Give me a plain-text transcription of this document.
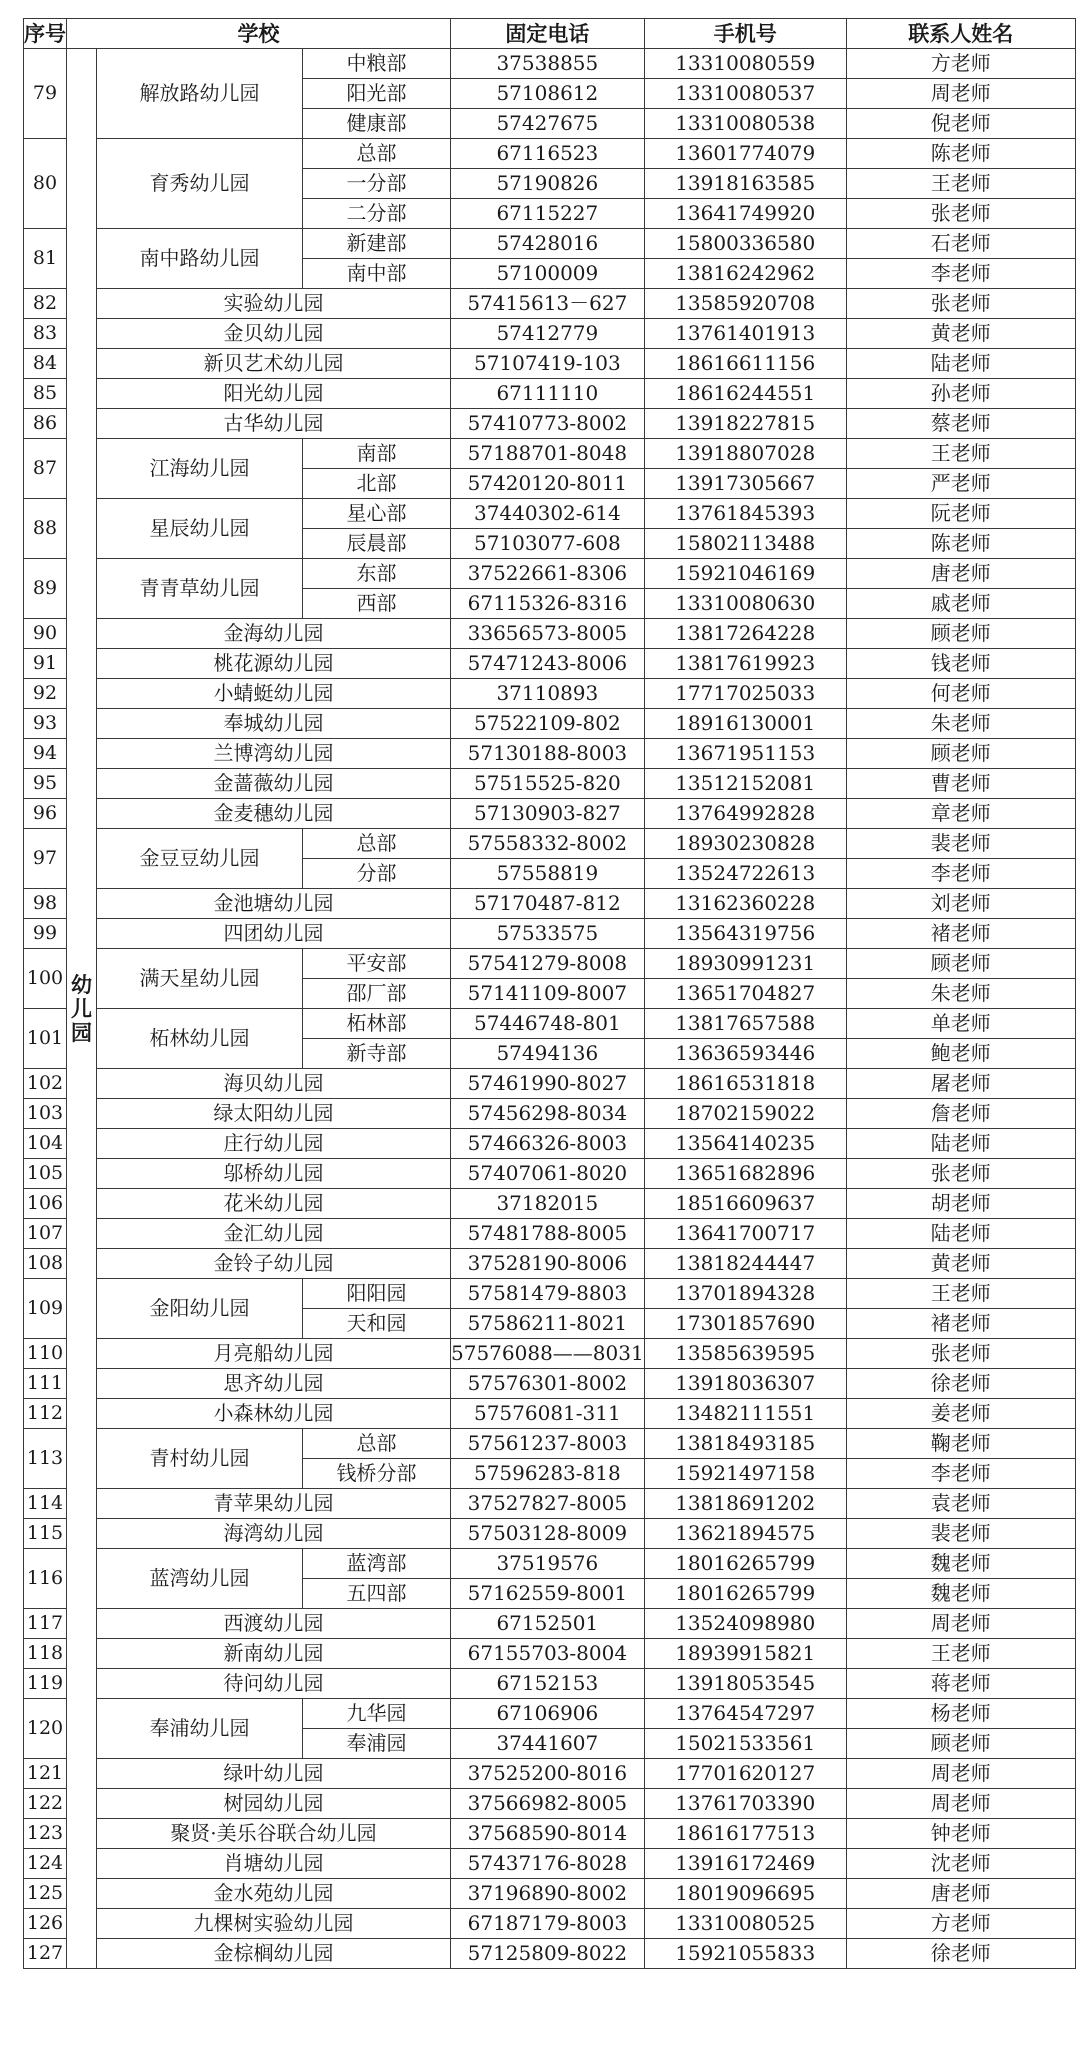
序号	学校			固定电话	手机号	联系人姓名
79	幼儿园	解放路幼儿园	中粮部	37538855	13310080559	方老师
			阳光部	57108612	13310080537	周老师
			健康部	57427675	13310080538	倪老师
80		育秀幼儿园	总部	67116523	13601774079	陈老师
			一分部	57190826	13918163585	王老师
			二分部	67115227	13641749920	张老师
81		南中路幼儿园	新建部	57428016	15800336580	石老师
			南中部	57100009	13816242962	李老师
82		实验幼儿园		57415613－627	13585920708	张老师
83		金贝幼儿园		57412779	13761401913	黄老师
84		新贝艺术幼儿园		57107419-103	18616611156	陆老师
85		阳光幼儿园		67111110	18616244551	孙老师
86		古华幼儿园		57410773-8002	13918227815	蔡老师
87		江海幼儿园	南部	57188701-8048	13918807028	王老师
			北部	57420120-8011	13917305667	严老师
88		星辰幼儿园	星心部	37440302-614	13761845393	阮老师
			辰晨部	57103077-608	15802113488	陈老师
89		青青草幼儿园	东部	37522661-8306	15921046169	唐老师
			西部	67115326-8316	13310080630	戚老师
90		金海幼儿园		33656573-8005	13817264228	顾老师
91		桃花源幼儿园		57471243-8006	13817619923	钱老师
92		小蜻蜓幼儿园		37110893	17717025033	何老师
93		奉城幼儿园		57522109-802	18916130001	朱老师
94		兰博湾幼儿园		57130188-8003	13671951153	顾老师
95		金蔷薇幼儿园		57515525-820	13512152081	曹老师
96		金麦穗幼儿园		57130903-827	13764992828	章老师
97		金豆豆幼儿园	总部	57558332-8002	18930230828	裴老师
			分部	57558819	13524722613	李老师
98		金池塘幼儿园		57170487-812	13162360228	刘老师
99		四团幼儿园		57533575	13564319756	褚老师
100		满天星幼儿园	平安部	57541279-8008	18930991231	顾老师
			邵厂部	57141109-8007	13651704827	朱老师
101		柘林幼儿园	柘林部	57446748-801	13817657588	单老师
			新寺部	57494136	13636593446	鲍老师
102		海贝幼儿园		57461990-8027	18616531818	屠老师
103		绿太阳幼儿园		57456298-8034	18702159022	詹老师
104		庄行幼儿园		57466326-8003	13564140235	陆老师
105		邬桥幼儿园		57407061-8020	13651682896	张老师
106		花米幼儿园		37182015	18516609637	胡老师
107		金汇幼儿园		57481788-8005	13641700717	陆老师
108		金铃子幼儿园		37528190-8006	13818244447	黄老师
109		金阳幼儿园	阳阳园	57581479-8803	13701894328	王老师
			天和园	57586211-8021	17301857690	褚老师
110		月亮船幼儿园		57576088——8031	13585639595	张老师
111		思齐幼儿园		57576301-8002	13918036307	徐老师
112		小森林幼儿园		57576081-311	13482111551	姜老师
113		青村幼儿园	总部	57561237-8003	13818493185	鞠老师
			钱桥分部	57596283-818	15921497158	李老师
114		青苹果幼儿园		37527827-8005	13818691202	袁老师
115		海湾幼儿园		57503128-8009	13621894575	裴老师
116		蓝湾幼儿园	蓝湾部	37519576	18016265799	魏老师
			五四部	57162559-8001	18016265799	魏老师
117		西渡幼儿园		67152501	13524098980	周老师
118		新南幼儿园		67155703-8004	18939915821	王老师
119		待问幼儿园		67152153	13918053545	蒋老师
120		奉浦幼儿园	九华园	67106906	13764547297	杨老师
			奉浦园	37441607	15021533561	顾老师
121		绿叶幼儿园		37525200-8016	17701620127	周老师
122		树园幼儿园		37566982-8005	13761703390	周老师
123		聚贤·美乐谷联合幼儿园		37568590-8014	18616177513	钟老师
124		肖塘幼儿园		57437176-8028	13916172469	沈老师
125		金水苑幼儿园		37196890-8002	18019096695	唐老师
126		九棵树实验幼儿园		67187179-8003	13310080525	方老师
127		金棕榈幼儿园		57125809-8022	15921055833	徐老师
